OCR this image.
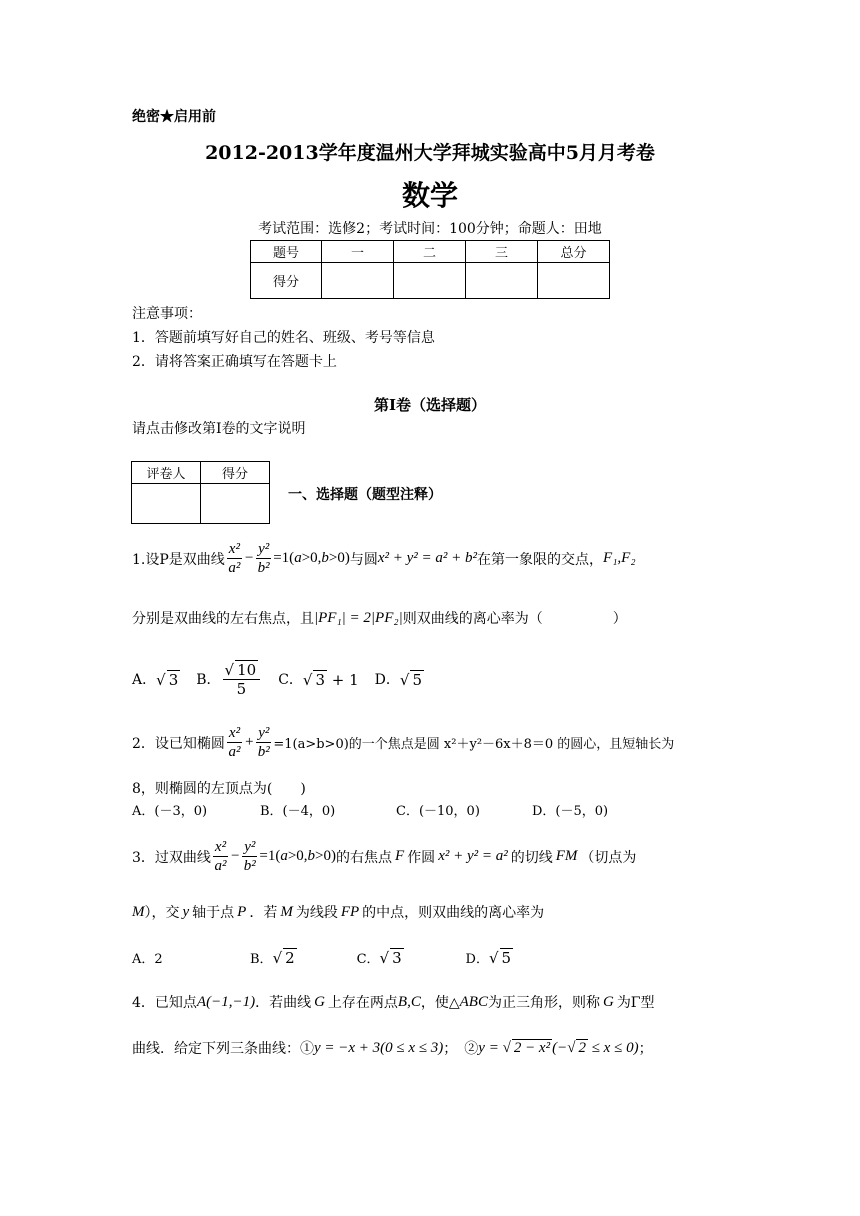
绝密★启用前
2012-2013学年度温州大学拜城实验高中5月月考卷
数学
考试范围：选修2；考试时间：100分钟；命题人：田地
题号	一	二	三	总分
得分				
注意事项：
1．答题前填写好自己的姓名、班级、考号等信息
2．请将答案正确填写在答题卡上
第I卷（选择题）
请点击修改第I卷的文字说明
评卷人	得分

一、选择题（题型注释）
1.设P是双曲线 $\frac{\text{x²}}{\text{a²}} - \frac{\text{y²}}{\text{b²}} =1(a>0,b>0)$ 与圆 x² + y² = a² + b² 在第一象限的交点， F₁,F₂
分别是双曲线的左右焦点，且 |PF₁| = 2|PF₂| 则双曲线的离心率为（　　　　　）
A． √ 3 B． $\frac{√ 10}{5}$ C． √ 3 + 1 D． √ 5
2．设已知椭圆 $\frac{\text{x²}}{\text{a²}} + \frac{\text{y²}}{\text{b²}} =1(a>b>0)$的一个焦点是圆 x²＋y²－6x＋8＝0 的圆心，且短轴长为
8，则椭圆的左顶点为(　　)
A．(－3，0)	B．(－4，0)	C．(－10，0)	D．(－5，0)
3．过双曲线 $\frac{\text{x²}}{\text{a²}} - \frac{\text{y²}}{\text{b²}} =1(a>0,b>0)$ 的右焦点 F 作圆 x² + y² = a² 的切线 FM （切点为
M ），交 y 轴于点 P ．若 M 为线段 FP 的中点，则双曲线的离心率为
A．2	B． √ 2	C． √ 3	D． √ 5
4．已知点 A(−1,−1) ．若曲线 G 上存在两点 B,C ，使△ ABC 为正三角形，则称 G 为Γ型
曲线．给定下列三条曲线：① y = −x + 3(0 ≤ x ≤ 3) ；　② y = √ 2 − x² (−√ 2 ≤ x ≤ 0) ；
